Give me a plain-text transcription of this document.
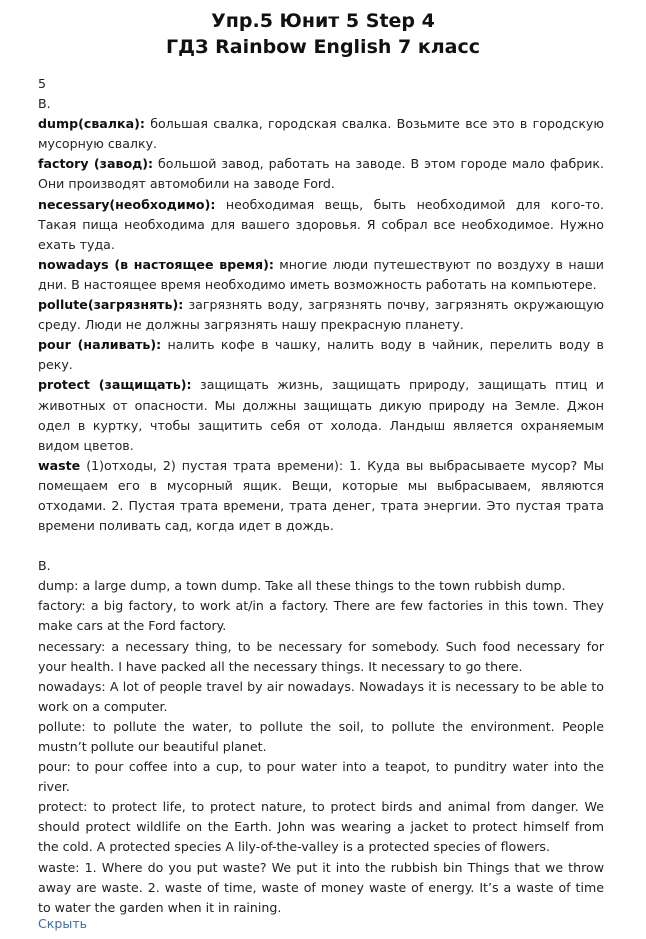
Упр.5 Юнит 5 Step 4
ГДЗ Rainbow English 7 класс

5

B.

dump(свалка): большая свалка, городская свалка. Возьмите все это в городскую мусорную свалку.

factory (завод): большой завод, работать на заводе. В этом городе мало фабрик. Они производят автомобили на заводе Ford.

necessary(необходимо): необходимая вещь, быть необходимой для кого-то. Такая пища необходима для вашего здоровья. Я собрал все необходимое. Нужно ехать туда.

nowadays (в настоящее время): многие люди путешествуют по воздуху в наши дни. В настоящее время необходимо иметь возможность работать на компьютере.

pollute(загрязнять): загрязнять воду, загрязнять почву, загрязнять окружающую среду. Люди не должны загрязнять нашу прекрасную планету.

pour (наливать): налить кофе в чашку, налить воду в чайник, перелить воду в реку.

protect (защищать): защищать жизнь, защищать природу, защищать птиц и животных от опасности. Мы должны защищать дикую природу на Земле. Джон одел в куртку, чтобы защитить себя от холода. Ландыш является охраняемым видом цветов.

waste (1)отходы, 2) пустая трата времени): 1. Куда вы выбрасываете мусор? Мы помещаем его в мусорный ящик. Вещи, которые мы выбрасываем, являются отходами. 2. Пустая трата времени, трата денег, трата энергии. Это пустая трата времени поливать сад, когда идет в дождь.

B.

dump: a large dump, a town dump. Take all these things to the town rubbish dump.

factory: a big factory, to work at/in a factory. There are few factories in this town. They make cars at the Ford factory.

necessary: a necessary thing, to be necessary for somebody. Such food necessary for your health. I have packed all the necessary things. It necessary to go there.

nowadays: A lot of people travel by air nowadays. Nowadays it is necessary to be able to work on a computer.

pollute: to pollute the water, to pollute the soil, to pollute the environment. People mustn’t pollute our beautiful planet.

pour: to pour coffee into a cup, to pour water into a teapot, to punditry water into the river.

protect: to protect life, to protect nature, to protect birds and animal from danger. We should protect wildlife on the Earth. John was wearing a jacket to protect himself from the cold. A protected species A lily-of-the-valley is a protected species of flowers.

waste: 1. Where do you put waste? We put it into the rubbish bin Things that we throw away are waste. 2. waste of time, waste of money waste of energy. It’s a waste of time to water the garden when it in raining.

Скрыть
